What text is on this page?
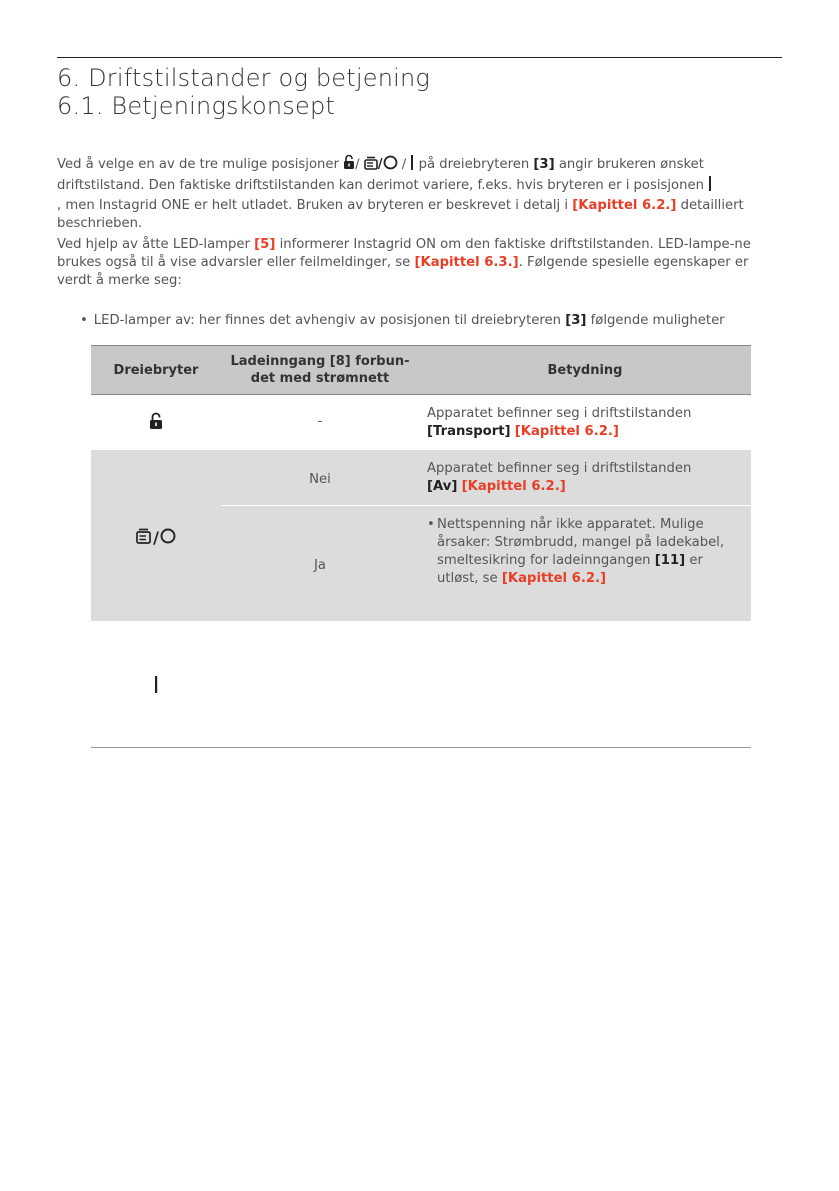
6. Driftstilstander og betjening
6.1. Betjeningskonsept

Ved å velge en av de tre mulige posisjoner ∕ / ∕ på dreiebryteren [3] angir brukeren ønsket driftstilstand. Den faktiske driftstilstanden kan derimot variere, f.eks. hvis bryteren er i posisjonen
, men Instagrid ONE er helt utladet. Bruken av bryteren er beskrevet i detalj i [Kapittel 6.2.] detailliert beschrieben.

Ved hjelp av åtte LED-lamper [5] informerer Instagrid ON om den faktiske driftstilstanden. LED-lampe-ne brukes også til å vise advarsler eller feilmeldinger, se [Kapittel 6.3.]. Følgende spesielle egenskaper er verdt å merke seg:

• LED-lamper av: her finnes det avhengiv av posisjonen til dreiebryteren [3] følgende muligheter
Dreiebryter
Ladeinngang [8] forbun-det med strømnett
Betydning
-
Apparatet befinner seg i driftstilstanden
[Transport] [Kapittel 6.2.]
/
Nei
Apparatet befinner seg i driftstilstanden
[Av] [Kapittel 6.2.]
Ja
• Nettspenning når ikke apparatet. Mulige årsaker: Strømbrudd, mangel på ladekabel, smeltesikring for ladeinngangen [11] er utløst, se [Kapittel 6.2.]
